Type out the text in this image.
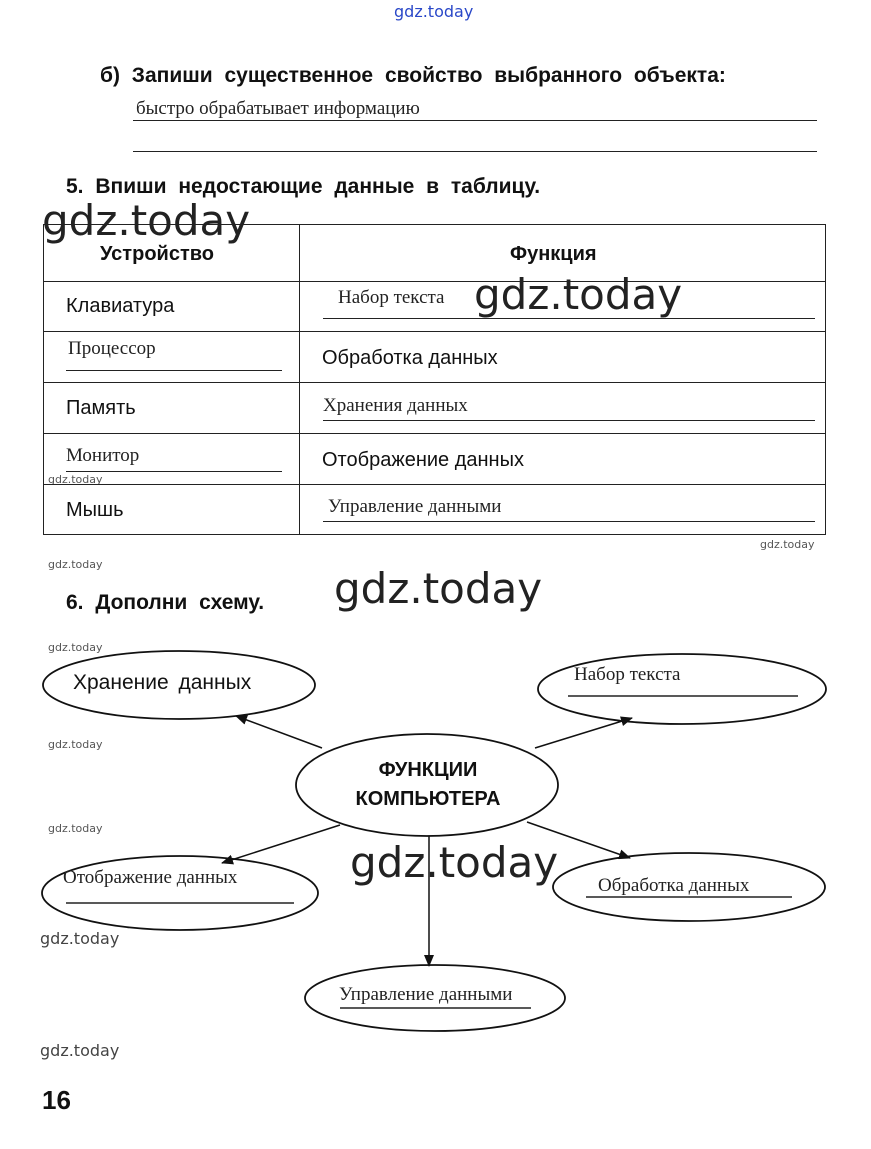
gdz.today
gdz.today
gdz.today
gdz.today
gdz.today
gdz.today
gdz.today
gdz.today
gdz.today
gdz.today
gdz.today
gdz.today
gdz.today
б) Запиши существенное свойство выбранного объекта:
быстро обрабатывает информацию
5. Впиши недостающие данные в таблицу.
Устройство	Функция
Клавиатура	Набор текста
Процессор	Обработка данных
Память	Хранения данных
Монитор	Отображение данных
Мышь	Управление данными
6. Дополни схему.
ФУНКЦИИ
КОМПЬЮТЕРА
Хранение данных	Набор текста
Отображение данных	Обработка данных
Управление данными
16
